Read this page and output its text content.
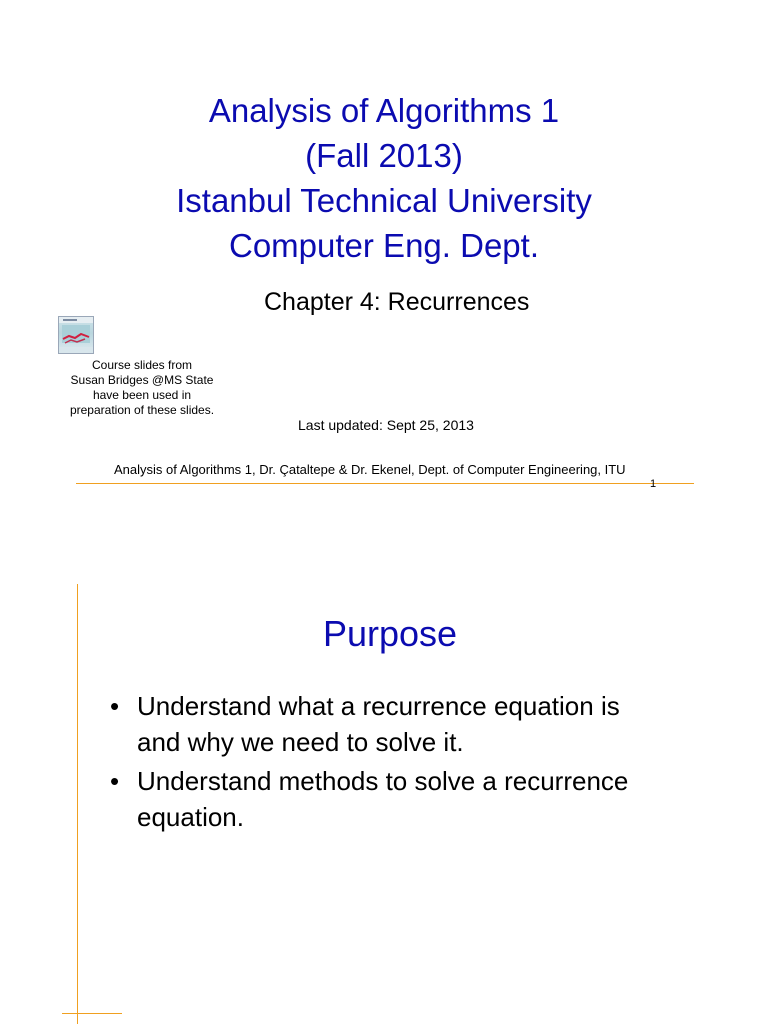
Analysis of Algorithms 1
(Fall 2013)
Istanbul Technical University
Computer Eng. Dept.
Chapter 4: Recurrences
Course slides from
Susan Bridges @MS State
have been used in
preparation of these slides.
Last updated: Sept 25, 2013
Analysis of Algorithms 1, Dr. Çataltepe & Dr. Ekenel, Dept. of Computer Engineering, ITU
1
Purpose
• Understand what a recurrence equation is and why we need to solve it.
• Understand methods to solve a recurrence equation.
